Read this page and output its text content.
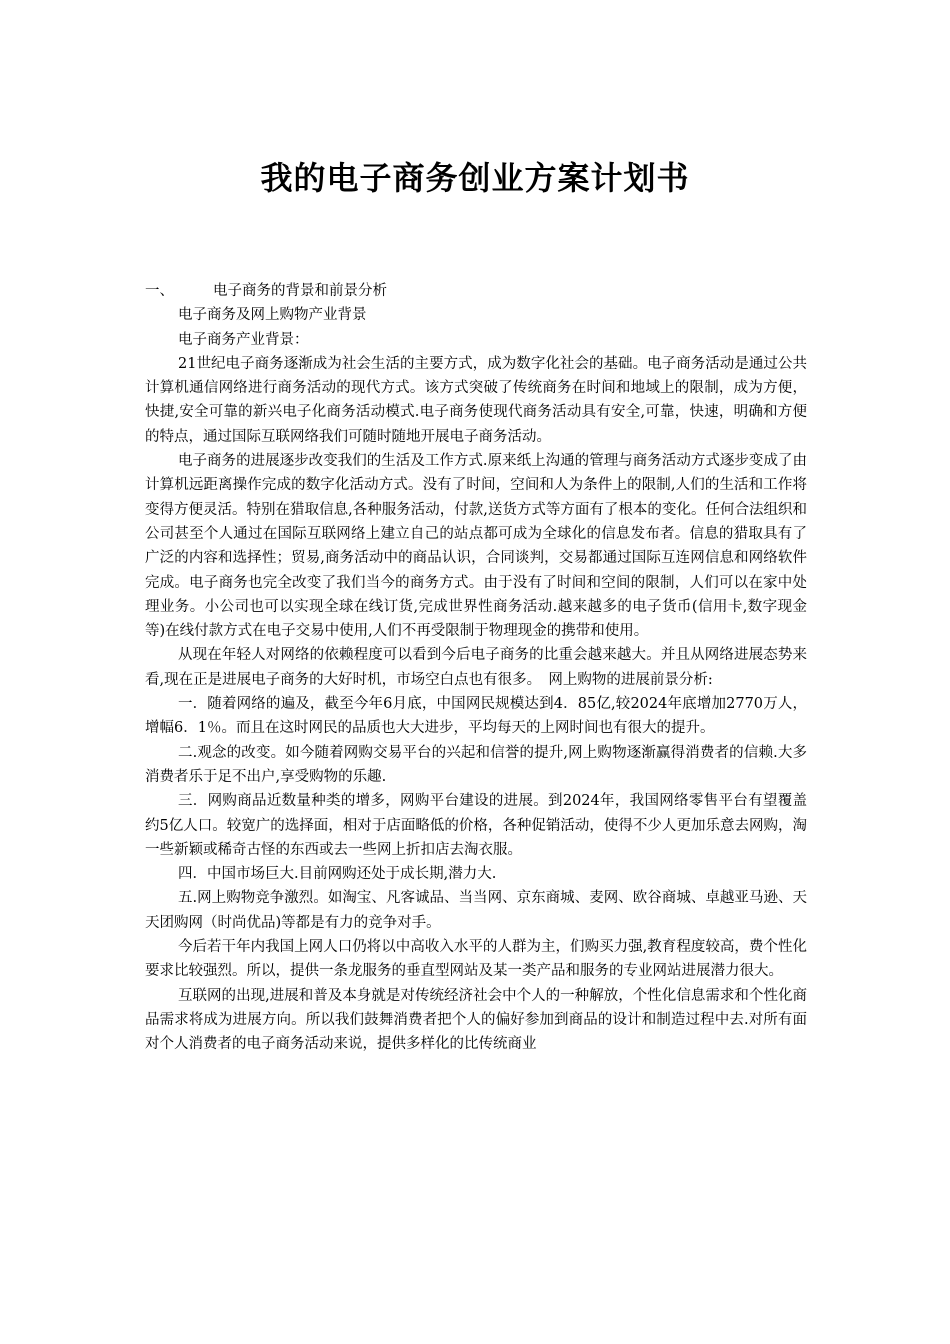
我的电子商务创业方案计划书
一、	电子商务的背景和前景分析
电子商务及网上购物产业背景
电子商务产业背景：

21世纪电子商务逐渐成为社会生活的主要方式，成为数字化社会的基础。电子商务活动是通过公共计算机通信网络进行商务活动的现代方式。该方式突破了传统商务在时间和地域上的限制，成为方便，快捷,安全可靠的新兴电子化商务活动模式.电子商务使现代商务活动具有安全,可靠，快速，明确和方便的特点，通过国际互联网络我们可随时随地开展电子商务活动。

电子商务的进展逐步改变我们的生活及工作方式.原来纸上沟通的管理与商务活动方式逐步变成了由计算机远距离操作完成的数字化活动方式。没有了时间，空间和人为条件上的限制,人们的生活和工作将变得方便灵活。特别在猎取信息,各种服务活动，付款,送货方式等方面有了根本的变化。任何合法组织和公司甚至个人通过在国际互联网络上建立自己的站点都可成为全球化的信息发布者。信息的猎取具有了广泛的内容和选择性；贸易,商务活动中的商品认识，合同谈判，交易都通过国际互连网信息和网络软件完成。电子商务也完全改变了我们当今的商务方式。由于没有了时间和空间的限制，人们可以在家中处理业务。小公司也可以实现全球在线订货,完成世界性商务活动.越来越多的电子货币(信用卡,数字现金等)在线付款方式在电子交易中使用,人们不再受限制于物理现金的携带和使用。

从现在年轻人对网络的依赖程度可以看到今后电子商务的比重会越来越大。并且从网络进展态势来看,现在正是进展电子商务的大好时机，市场空白点也有很多。　网上购物的进展前景分析:

一．随着网络的遍及，截至今年6月底，中国网民规模达到4．85亿,较2024年底增加2770万人，增幅6．1％。而且在这时网民的品质也大大进步，平均每天的上网时间也有很大的提升。

二.观念的改变。如今随着网购交易平台的兴起和信誉的提升,网上购物逐渐赢得消费者的信赖.大多消费者乐于足不出户,享受购物的乐趣.

三．网购商品近数量种类的增多，网购平台建设的进展。到2024年，我国网络零售平台有望覆盖约5亿人口。较宽广的选择面，相对于店面略低的价格，各种促销活动，使得不少人更加乐意去网购，淘一些新颖或稀奇古怪的东西或去一些网上折扣店去淘衣服。

四．中国市场巨大.目前网购还处于成长期,潜力大.

五.网上购物竞争激烈。如淘宝、凡客诚品、当当网、京东商城、麦网、欧谷商城、卓越亚马逊、天天团购网（时尚优品)等都是有力的竞争对手。

今后若干年内我国上网人口仍将以中高收入水平的人群为主，们购买力强,教育程度较高，费个性化要求比较强烈。所以，提供一条龙服务的垂直型网站及某一类产品和服务的专业网站进展潜力很大。

互联网的出现,进展和普及本身就是对传统经济社会中个人的一种解放，个性化信息需求和个性化商品需求将成为进展方向。所以我们鼓舞消费者把个人的偏好参加到商品的设计和制造过程中去.对所有面对个人消费者的电子商务活动来说，提供多样化的比传统商业
